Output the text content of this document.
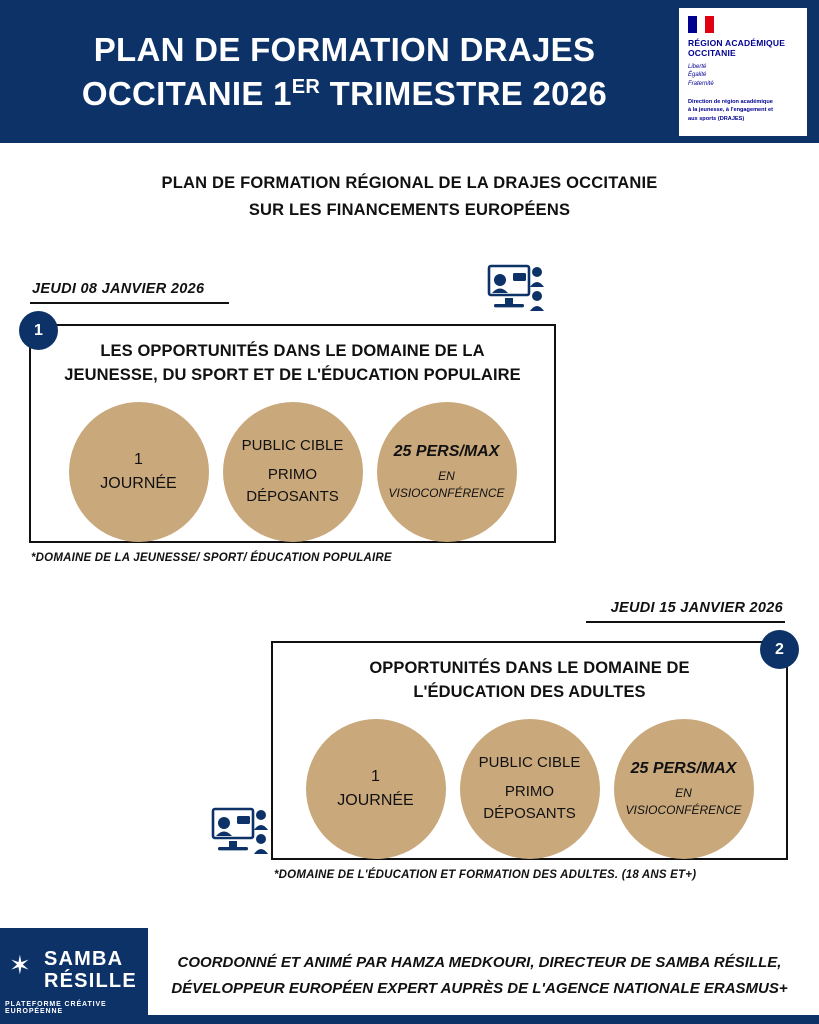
PLAN DE FORMATION DRAJES
OCCITANIE 1ER TRIMESTRE 2026
RÉGION ACADÉMIQUE
OCCITANIE
Liberté
Égalité
Fraternité
Direction de région académique
à la jeunesse, à l'engagement et
aux sports (DRAJES)
PLAN DE FORMATION RÉGIONAL DE LA DRAJES OCCITANIE
SUR LES FINANCEMENTS EUROPÉENS
JEUDI 08 JANVIER 2026
1
LES OPPORTUNITÉS DANS LE DOMAINE DE LA
JEUNESSE, DU SPORT ET DE L'ÉDUCATION POPULAIRE
1
JOURNÉE
PUBLIC CIBLE
PRIMO
DÉPOSANTS
25 PERS/MAX
EN
VISIOCONFÉRENCE
*DOMAINE DE LA JEUNESSE/ SPORT/ ÉDUCATION POPULAIRE
JEUDI 15 JANVIER 2026
2
OPPORTUNITÉS DANS LE DOMAINE DE
L'ÉDUCATION DES ADULTES
1
JOURNÉE
PUBLIC CIBLE
PRIMO
DÉPOSANTS
25 PERS/MAX
EN
VISIOCONFÉRENCE
*DOMAINE DE L'ÉDUCATION ET FORMATION DES ADULTES. (18 ANS ET+)
✶ SAMBA
RÉSILLE
PLATEFORME CRÉATIVE EUROPÉENNE
COORDONNÉ ET ANIMÉ PAR HAMZA MEDKOURI, DIRECTEUR DE SAMBA RÉSILLE,
DÉVELOPPEUR EUROPÉEN EXPERT AUPRÈS DE L'AGENCE NATIONALE ERASMUS+
